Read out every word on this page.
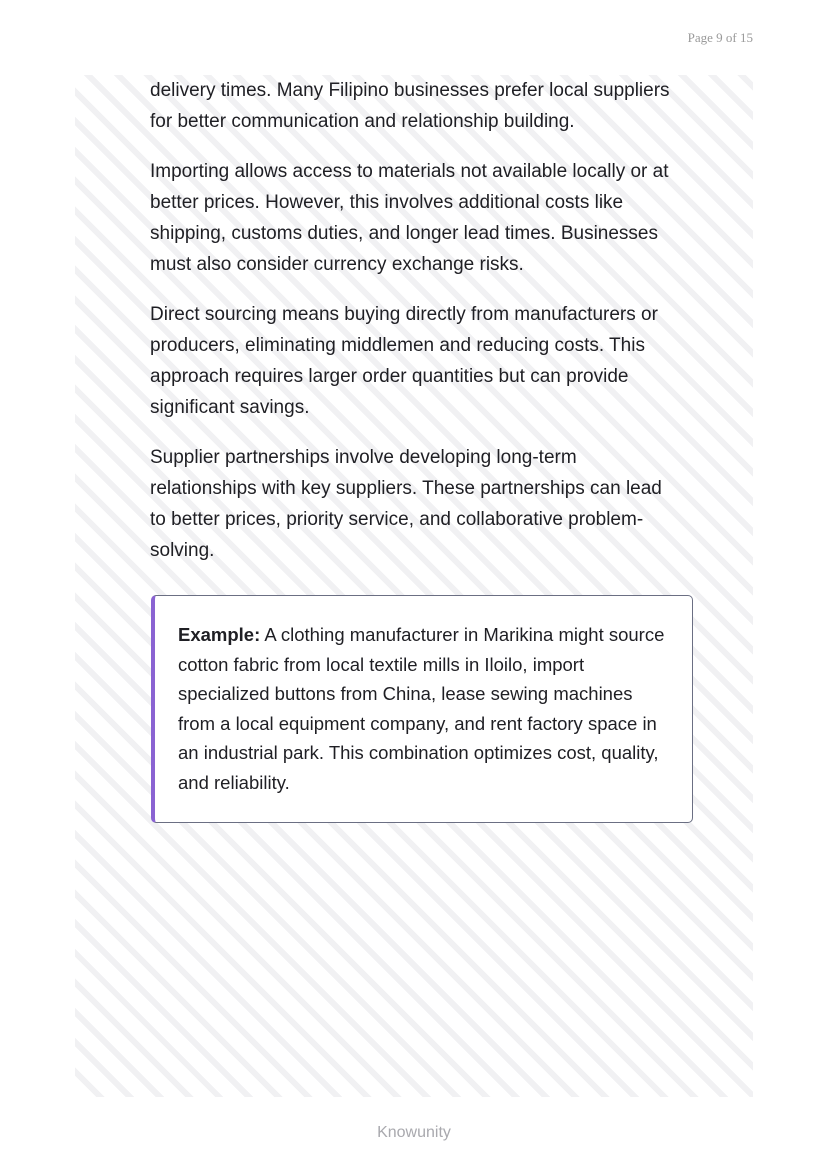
Page 9 of 15

delivery times. Many Filipino businesses prefer local suppliers for better communication and relationship building.

Importing allows access to materials not available locally or at better prices. However, this involves additional costs like shipping, customs duties, and longer lead times. Businesses must also consider currency exchange risks.

Direct sourcing means buying directly from manufacturers or producers, eliminating middlemen and reducing costs. This approach requires larger order quantities but can provide significant savings.

Supplier partnerships involve developing long-term relationships with key suppliers. These partnerships can lead to better prices, priority service, and collaborative problem-solving.

Example: A clothing manufacturer in Marikina might source cotton fabric from local textile mills in Iloilo, import specialized buttons from China, lease sewing machines from a local equipment company, and rent factory space in an industrial park. This combination optimizes cost, quality, and reliability.

Knowunity
